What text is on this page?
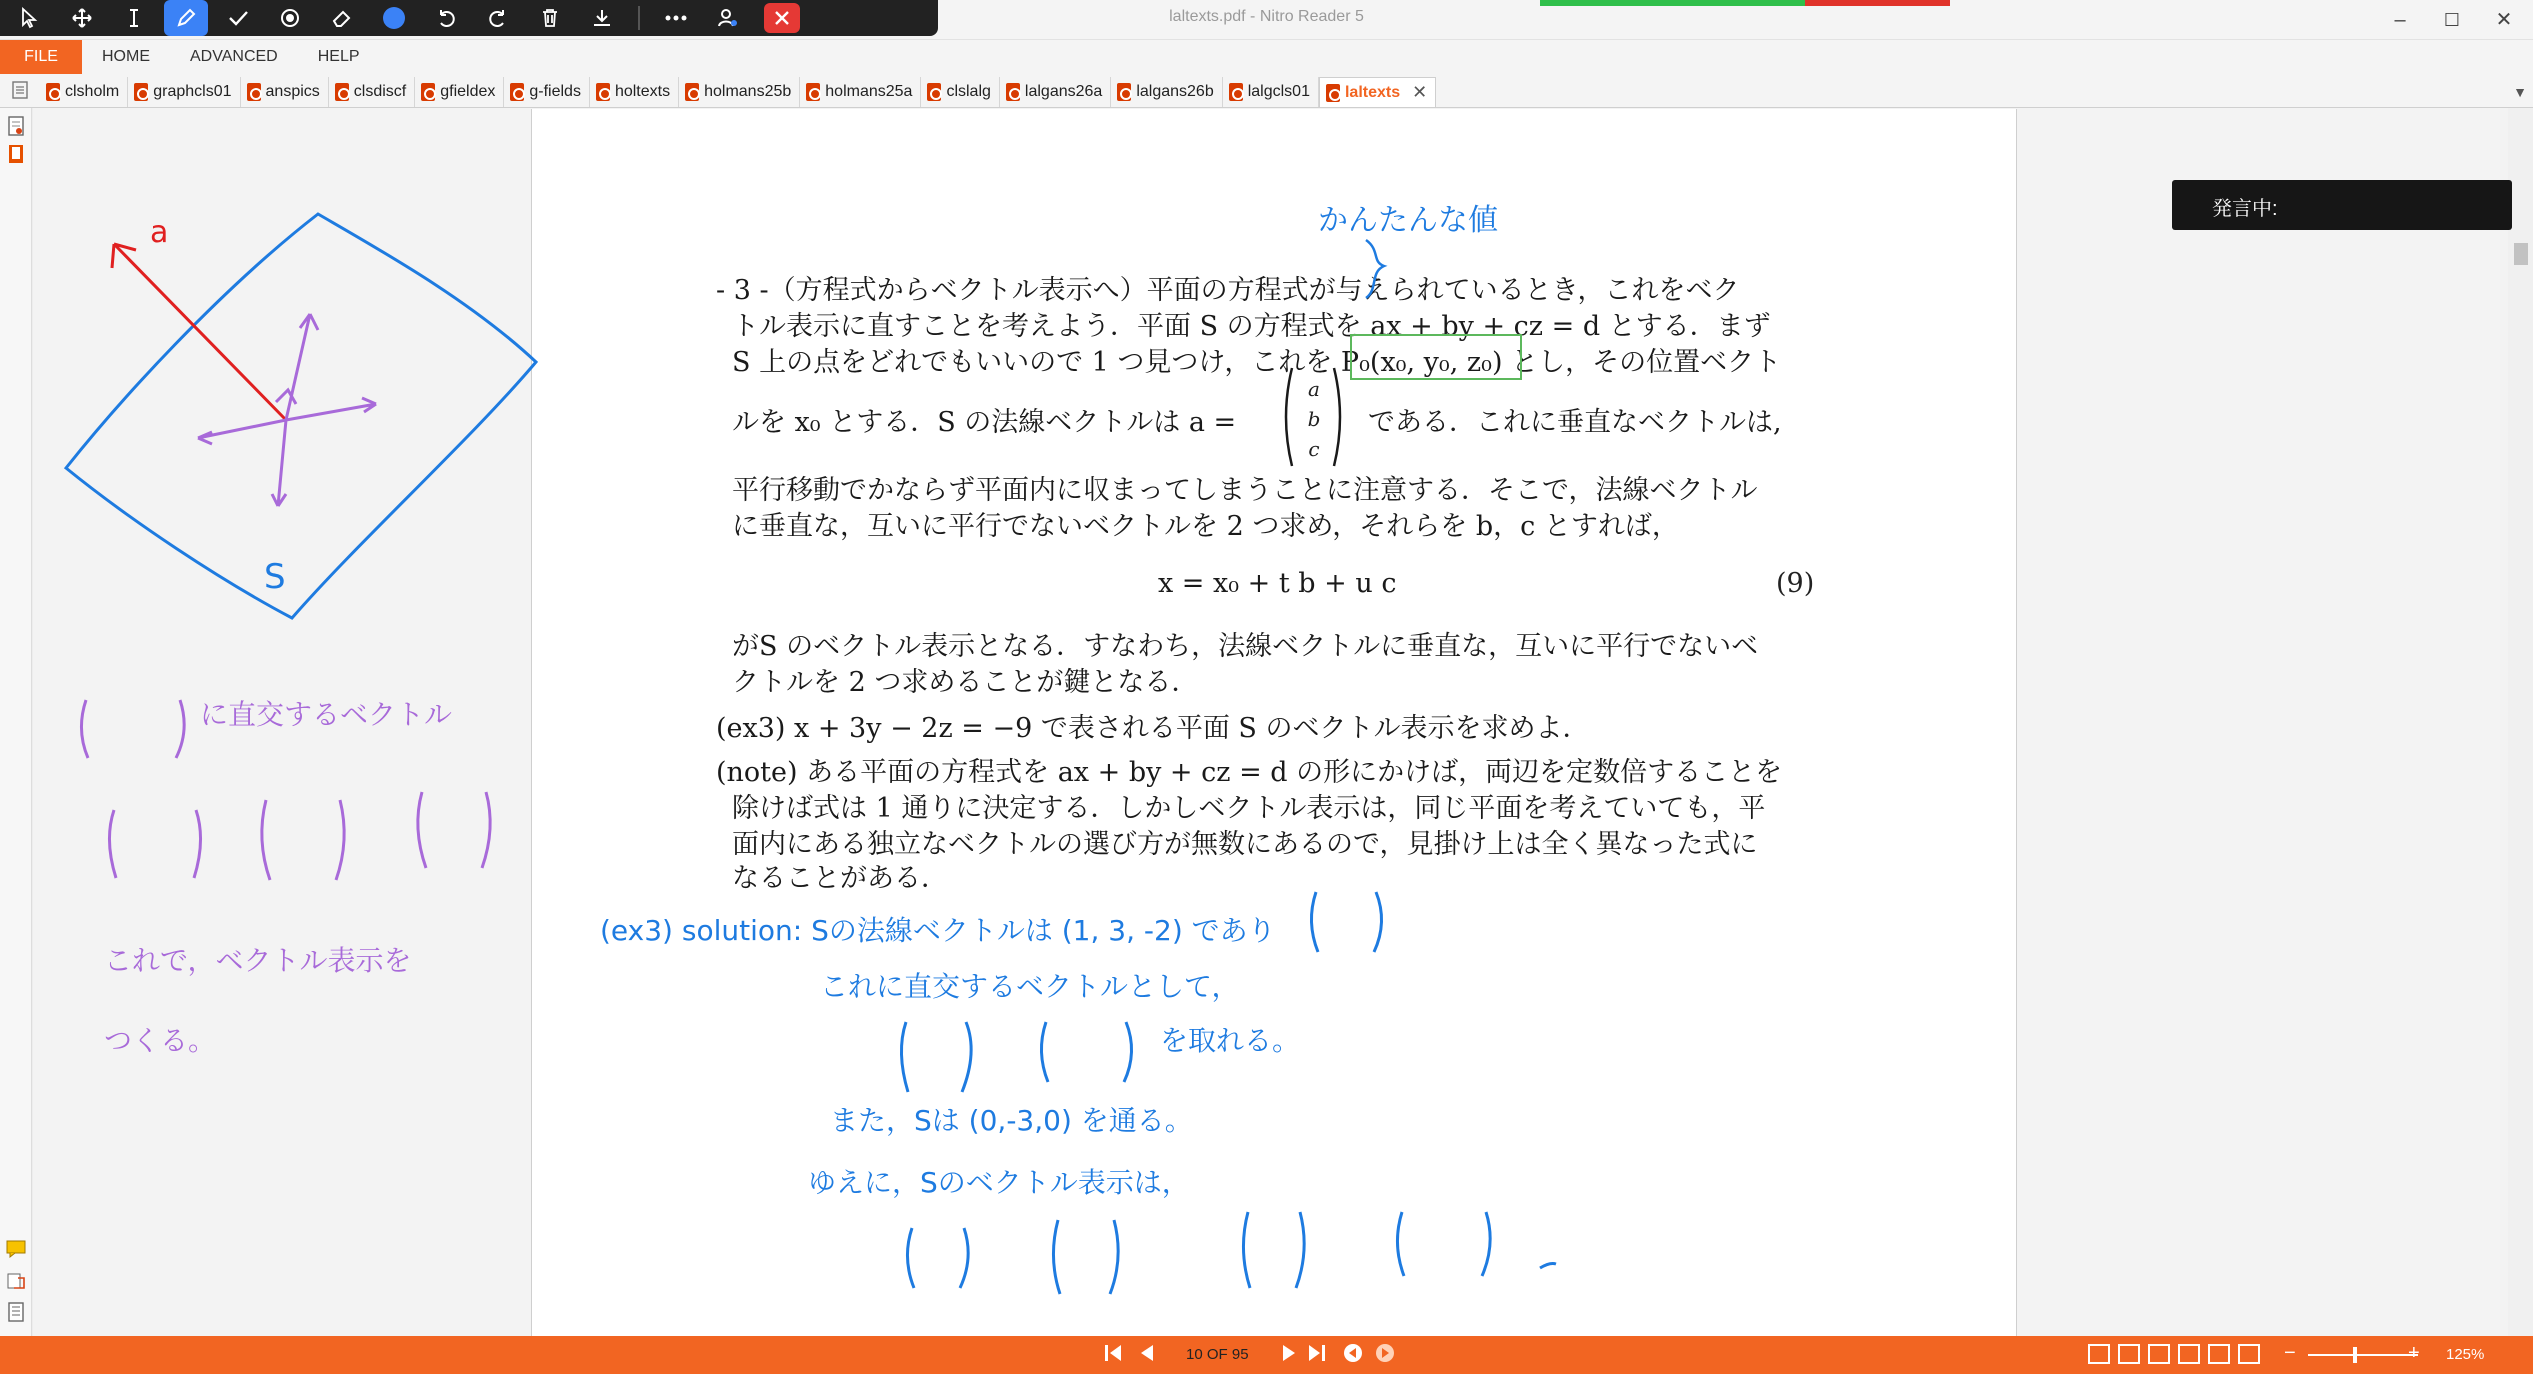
laltexts.pdf - Nitro Reader 5	–	☐	✕
FILE	HOME	ADVANCED	HELP
clsholm graphcls01 anspics clsdiscf gfieldex g-fields holtexts holmans25b holmans25a clslalg lalgans26a lalgans26b lalgcls01 laltexts ✕	▼
- 3 -（方程式からベクトル表示へ）平面の方程式が与えられているとき，これをベク
トル表示に直すことを考えよう．平面 S の方程式を ax + by + cz = d とする．まず
S 上の点をどれでもいいので 1 つ見つけ，これを P₀(x₀, y₀, z₀) とし，その位置ベクト
ルを x₀ とする．S の法線ベクトルは a =
a
b
c
である．これに垂直なベクトルは,
平行移動でかならず平面内に収まってしまうことに注意する．そこで，法線ベクトル
に垂直な，互いに平行でないベクトルを 2 つ求め，それらを b，c とすれば，
x = x₀ + t b + u c	(9)
がS のベクトル表示となる．すなわち，法線ベクトルに垂直な，互いに平行でないベ
クトルを 2 つ求めることが鍵となる．
(ex3) x + 3y − 2z = −9 で表される平面 S のベクトル表示を求めよ．
(note) ある平面の方程式を ax + by + cz = d の形にかけば，両辺を定数倍することを
除けば式は 1 通りに決定する．しかしベクトル表示は，同じ平面を考えていても，平
面内にある独立なベクトルの選び方が無数にあるので，見掛け上は全く異なった式に
なることがある．
かんたんな値
a
S
に直交するベクトル
これで，ベクトル表示を
つくる。
(ex3) solution: Sの法線ベクトルは (1, 3, -2) であり
これに直交するベクトルとして，
を取れる。
また，Sは (0,-3,0) を通る。
ゆえに，Sのベクトル表示は，
発言中:
10 OF 95	−	+ 125%
